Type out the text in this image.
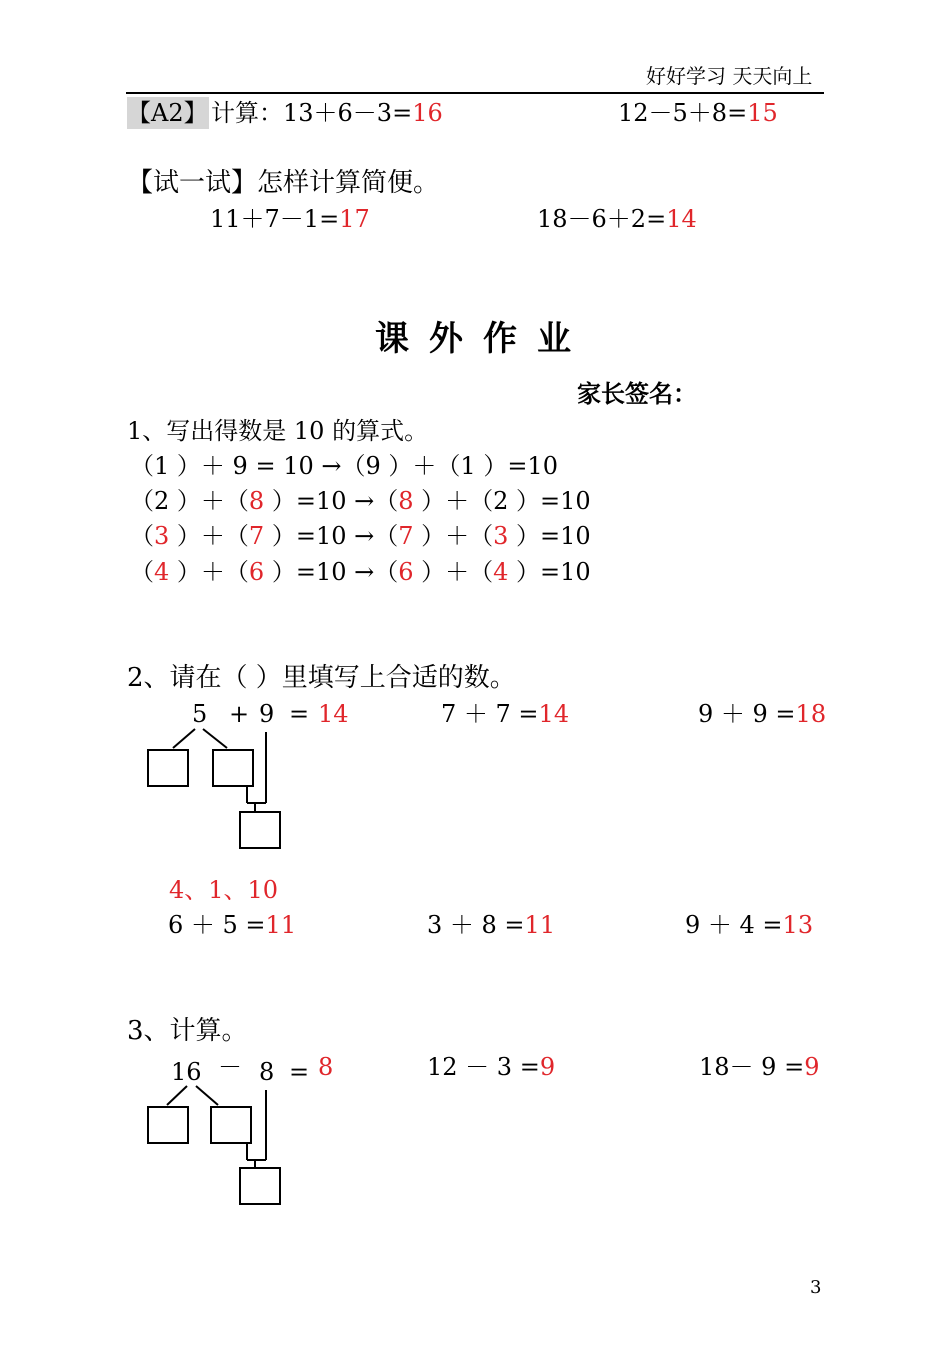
好好学习 天天向上
【A2】 计算：13＋6－3=16	12－5＋8=15
【试一试】怎样计算简便。
11＋7－1=17	18－6＋2=14
课外作业
家长签名：
1、写出得数是 10 的算式。
（1 ）＋ 9 = 10 →（9 ）＋（1 ）=10
（2 ）＋（8 ）=10 →（8 ）＋（2 ）=10
（3 ）＋（7 ）=10 →（7 ）＋（3 ）=10
（4 ）＋（6 ）=10 →（6 ）＋（4 ）=10
2、请在（ ）里填写上合适的数。
5 + 9 = 14	7 ＋ 7 =14	9 ＋ 9 =18
4、1、10
6 ＋ 5 =11	3 ＋ 8 =11	9 ＋ 4 =13
3、计算。
16 － 8 = 8	12 － 3 =9	18－ 9 =9
3
